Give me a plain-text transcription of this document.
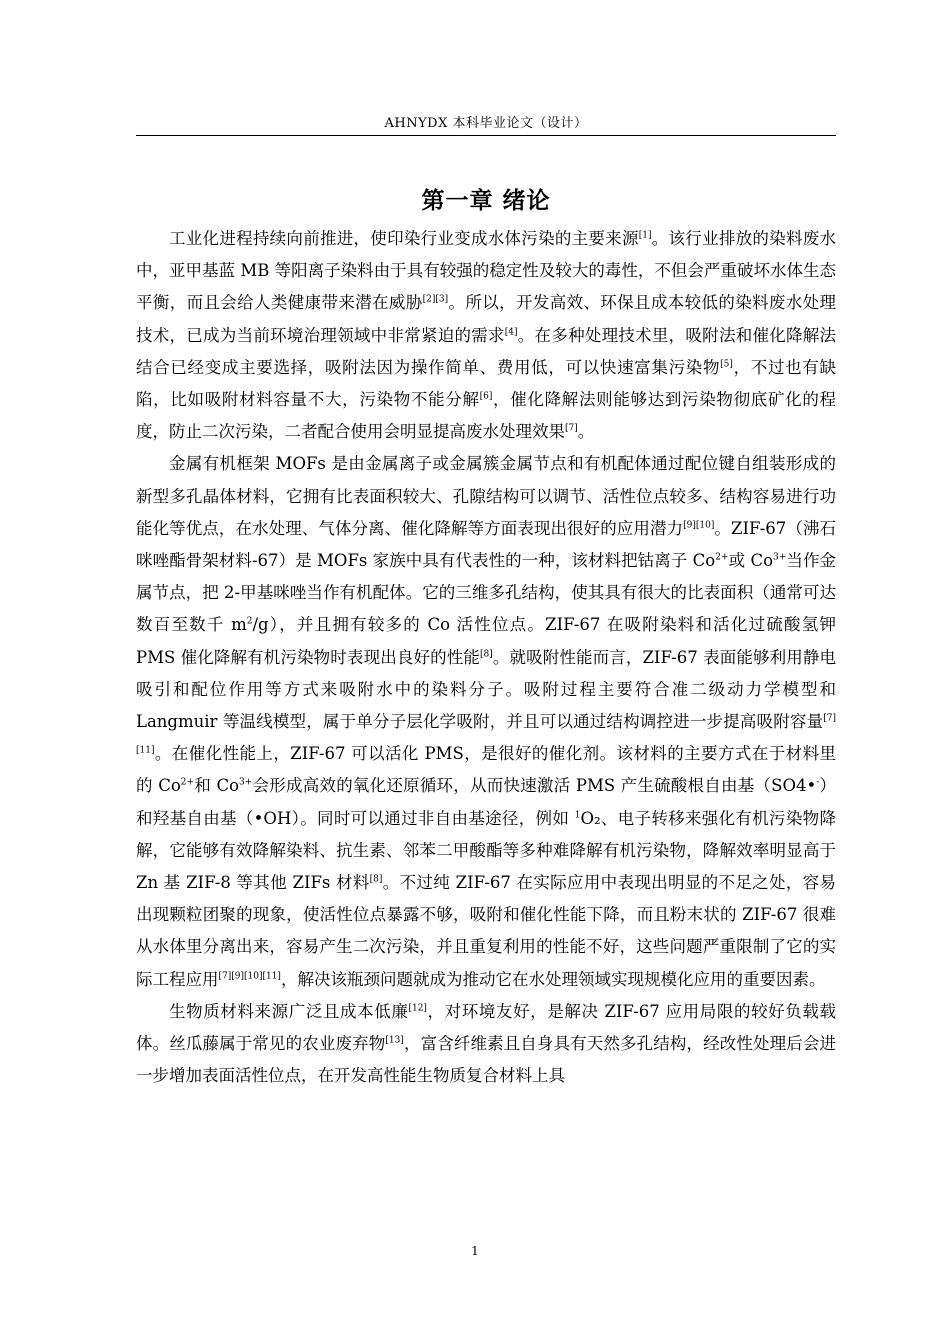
AHNYDX 本科毕业论文（设计）
第一章 绪论

工业化进程持续向前推进，使印染行业变成水体污染的主要来源[1]。该行业排放的染料废水中，亚甲基蓝 MB 等阳离子染料由于具有较强的稳定性及较大的毒性，不但会严重破坏水体生态平衡，而且会给人类健康带来潜在威胁[2][3]。所以，开发高效、环保且成本较低的染料废水处理技术，已成为当前环境治理领域中非常紧迫的需求[4]。在多种处理技术里，吸附法和催化降解法结合已经变成主要选择，吸附法因为操作简单、费用低，可以快速富集污染物[5]，不过也有缺陷，比如吸附材料容量不大，污染物不能分解[6]，催化降解法则能够达到污染物彻底矿化的程度，防止二次污染，二者配合使用会明显提高废水处理效果[7]。

金属有机框架 MOFs 是由金属离子或金属簇金属节点和有机配体通过配位键自组装形成的新型多孔晶体材料，它拥有比表面积较大、孔隙结构可以调节、活性位点较多、结构容易进行功能化等优点，在水处理、气体分离、催化降解等方面表现出很好的应用潜力[9][10]。ZIF-67（沸石咪唑酯骨架材料-67）是 MOFs 家族中具有代表性的一种，该材料把钴离子 $Co^{2+}$或 $Co^{3+}$当作金属节点，把 2-甲基咪唑当作有机配体。它的三维多孔结构，使其具有很大的比表面积（通常可达数百至数千 $m^2/g$），并且拥有较多的 Co 活性位点。ZIF-67 在吸附染料和活化过硫酸氢钾 PMS 催化降解有机污染物时表现出良好的性能[8]。就吸附性能而言，ZIF-67 表面能够利用静电吸引和配位作用等方式来吸附水中的染料分子。吸附过程主要符合准二级动力学模型和 Langmuir 等温线模型，属于单分子层化学吸附，并且可以通过结构调控进一步提高吸附容量[7][11]。在催化性能上，ZIF-67 可以活化 PMS，是很好的催化剂。该材料的主要方式在于材料里的 $Co^{2+}$和 $Co^{3+}$会形成高效的氧化还原循环，从而快速激活 PMS 产生硫酸根自由基（SO4•-）和羟基自由基（•OH）。同时可以通过非自由基途径，例如 $^1$O₂、电子转移来强化有机污染物降解，它能够有效降解染料、抗生素、邻苯二甲酸酯等多种难降解有机污染物，降解效率明显高于 Zn 基 ZIF-8 等其他 ZIFs 材料[8]。不过纯 ZIF-67 在实际应用中表现出明显的不足之处，容易出现颗粒团聚的现象，使活性位点暴露不够，吸附和催化性能下降，而且粉末状的 ZIF-67 很难从水体里分离出来，容易产生二次污染，并且重复利用的性能不好，这些问题严重限制了它的实际工程应用[7][9][10][11]，解决该瓶颈问题就成为推动它在水处理领域实现规模化应用的重要因素。

生物质材料来源广泛且成本低廉[12]，对环境友好，是解决 ZIF-67 应用局限的较好负载载体。丝瓜藤属于常见的农业废弃物[13]，富含纤维素且自身具有天然多孔结构，经改性处理后会进一步增加表面活性位点，在开发高性能生物质复合材料上具

1
